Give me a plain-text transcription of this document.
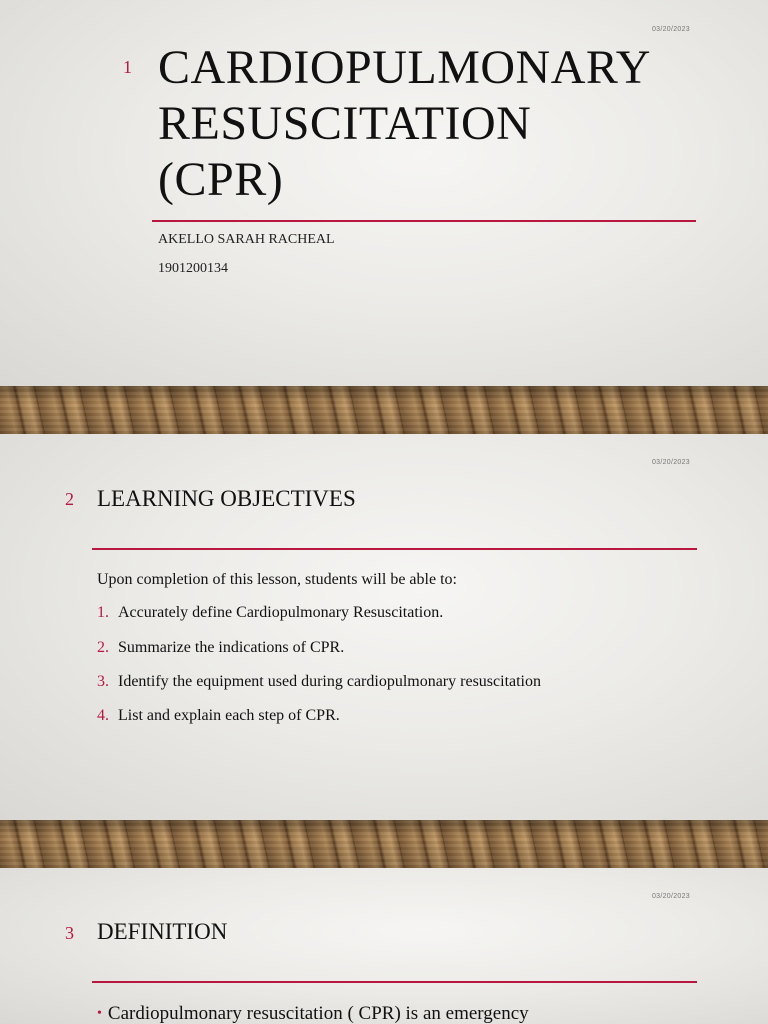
03/20/2023
1 CARDIOPULMONARY
RESUSCITATION
(CPR)
AKELLO SARAH RACHEAL
1901200134
03/20/2023
2 LEARNING OBJECTIVES
Upon completion of this lesson, students will be able to:
1. Accurately define Cardiopulmonary Resuscitation.
2. Summarize the indications of CPR.
3. Identify the equipment used during cardiopulmonary resuscitation
4. List and explain each step of CPR.
03/20/2023
3 DEFINITION
• Cardiopulmonary resuscitation ( CPR) is an emergency
